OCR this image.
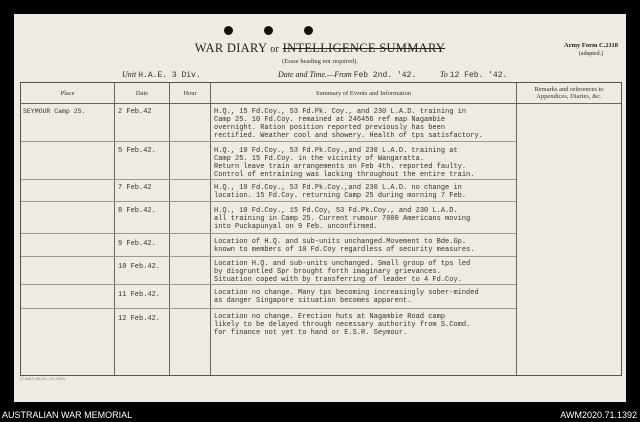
WAR DIARY or INTELLIGENCE SUMMARY
(Erase heading not required).
Army Form C.2118
(adapted.)
Unit H.A.E. 3 Div.	Date and Time.—From Feb 2nd. '42.	To 12 Feb. '42.
Place	Date	Hour	Summary of Events and Information	Remarks and references to Appendices, Diaries, &c.
SEYMOUR Camp 25.	2 Feb.42	H.Q., 15 Fd.Coy., 53 Fd.Pk. Coy., and 230 L.A.D. training in
Camp 25. 10 Fd.Coy. remained at 246456 ref map Nagambie
overnight. Ration position reported previously has been
rectified. Weather cool and showery. Health of tps satisfactory.
5 Feb.42.	H.Q., 10 Fd.Coy., 53 Fd.Pk.Coy.,and 230 L.A.D. training at
Camp 25. 15 Fd.Coy. in the vicinity of Wangaratta.
Return leave train arrangements on Feb 4th. reported faulty.
Control of entraining was lacking throughout the entire train.
7 Feb.42	H.Q., 10 Fd.Coy., 53 Fd.Pk.Coy.,and 230 L.A.D. no change in
location. 15 Fd.Coy. returning Camp 25 during morning 7 Feb.
8 Feb.42.	H.Q., 10 Fd.Coy., 15 Fd.Coy, 53 Fd.Pk.Coy., and 230 L.A.D.
all training in Camp 25. Current rumour 7000 Americans moving
into Puckapunyal on 9 Feb. unconfirmed.
9 Feb.42.	Location of H.Q. and sub-units unchanged.Movement to Bde.Gp.
known to members of 10 Fd.Coy regardless of security measures.
10 Feb.42.	Location H.Q. and sub-units unchanged. Small group of tps led
by disgruntled Spr brought forth imaginary grievances.
Situation coped with by transferring of leader to 4 Fd.Coy.
11 Feb.42.	Location no change. Many tps becoming increasingly sober-minded
as danger Singapore situation becomes apparent.
12 Feb.42.	Location no change. Erection huts at Nagambie Road camp
likely to be delayed through necessary authority from S.Comd.
for finance not yet to hand or E.S.R. Seymour.
(T.3487) Wt.22---47,1943.
AUSTRALIAN WAR MEMORIAL	AWM2020.71.1392
